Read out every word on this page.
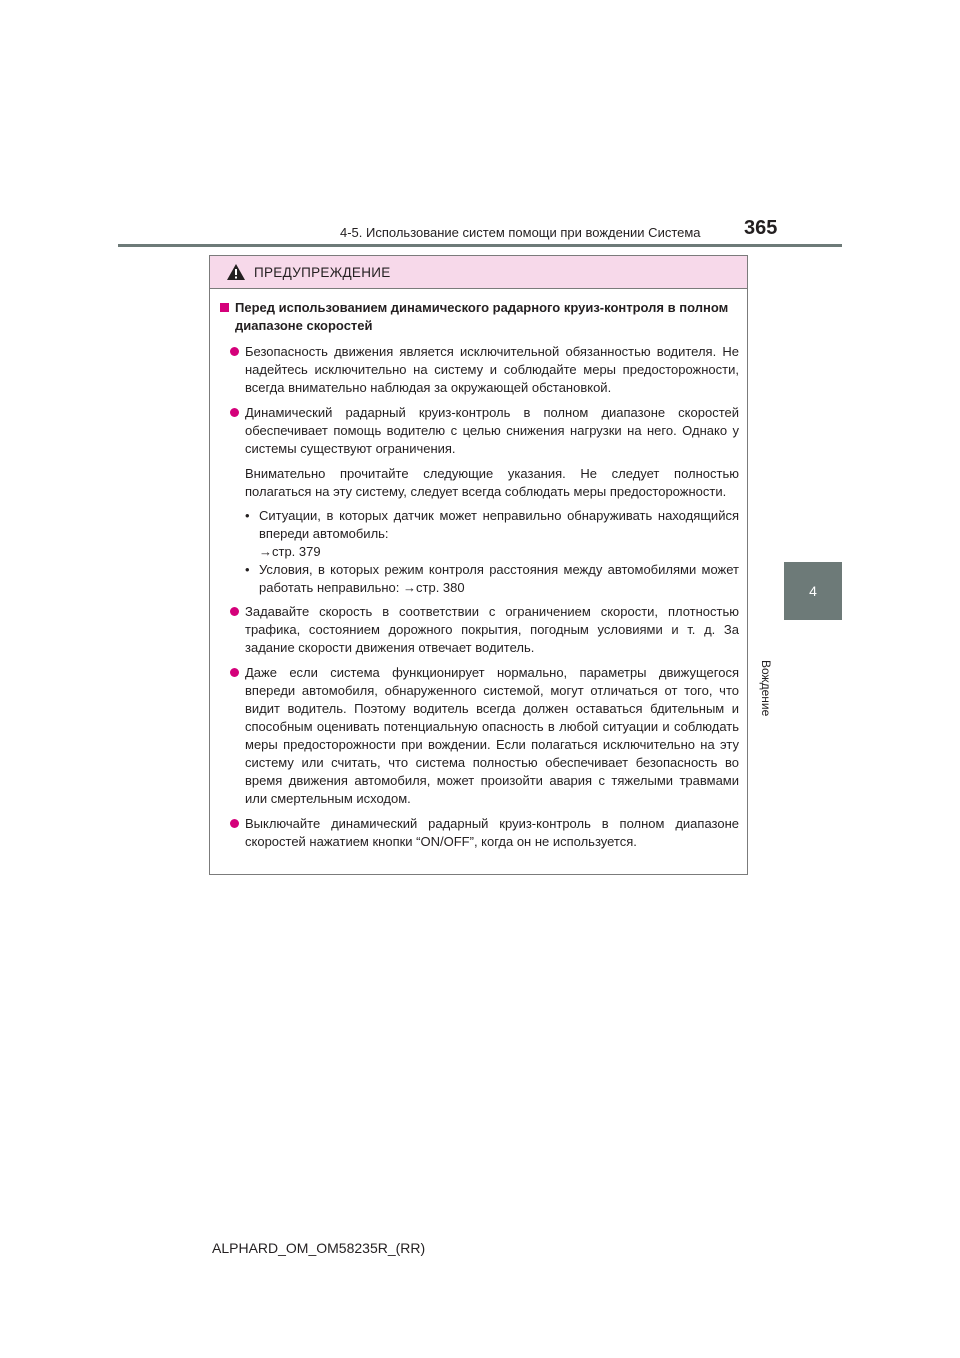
4-5. Использование систем помощи при вождении Система 365
4
Вождение
ПРЕДУПРЕЖДЕНИЕ
Перед использованием динамического радарного круиз-контроля в полном диапазоне скоростей
Безопасность движения является исключительной обязанностью водителя. Не надейтесь исключительно на систему и соблюдайте меры предосторожности, всегда внимательно наблюдая за окружающей обстановкой.
Динамический радарный круиз-контроль в полном диапазоне скоростей обеспечивает помощь водителю с целью снижения нагрузки на него. Однако у системы существуют ограничения.
Внимательно прочитайте следующие указания. Не следует полностью полагаться на эту систему, следует всегда соблюдать меры предосторожности.
• Ситуации, в которых датчик может неправильно обнаруживать находящийся впереди автомобиль:
→стр. 379
• Условия, в которых режим контроля расстояния между автомобилями может работать неправильно: →стр. 380
Задавайте скорость в соответствии с ограничением скорости, плотностью трафика, состоянием дорожного покрытия, погодным условиями и т. д. За задание скорости движения отвечает водитель.
Даже если система функционирует нормально, параметры движущегося впереди автомобиля, обнаруженного системой, могут отличаться от того, что видит водитель. Поэтому водитель всегда должен оставаться бдительным и способным оценивать потенциальную опасность в любой ситуации и соблюдать меры предосторожности при вождении. Если полагаться исключительно на эту систему или считать, что система полностью обеспечивает безопасность во время движения автомобиля, может произойти авария с тяжелыми травмами или смертельным исходом.
Выключайте динамический радарный круиз-контроль в полном диапазоне скоростей нажатием кнопки “ON/OFF”, когда он не используется.
ALPHARD_OM_OM58235R_(RR)
